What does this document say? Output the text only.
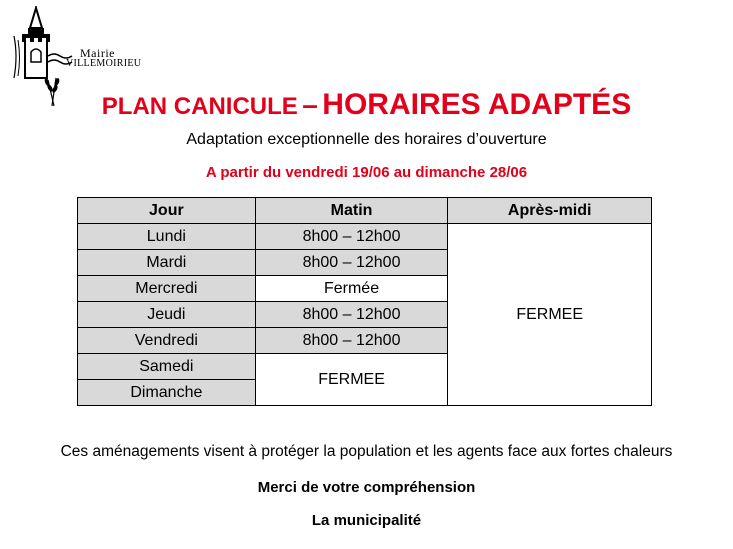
Mairie
VILLEMOIRIEU
PLAN CANICULE – HORAIRES ADAPTÉS
Adaptation exceptionnelle des horaires d’ouverture
A partir du vendredi 19/06 au dimanche 28/06
Jour	Matin	Après-midi
Lundi	8h00 – 12h00	FERMEE
Mardi	8h00 – 12h00	
Mercredi	Fermée	
Jeudi	8h00 – 12h00	
Vendredi	8h00 – 12h00	
Samedi	FERMEE	
Dimanche		
Ces aménagements visent à protéger la population et les agents face aux fortes chaleurs
Merci de votre compréhension
La municipalité
